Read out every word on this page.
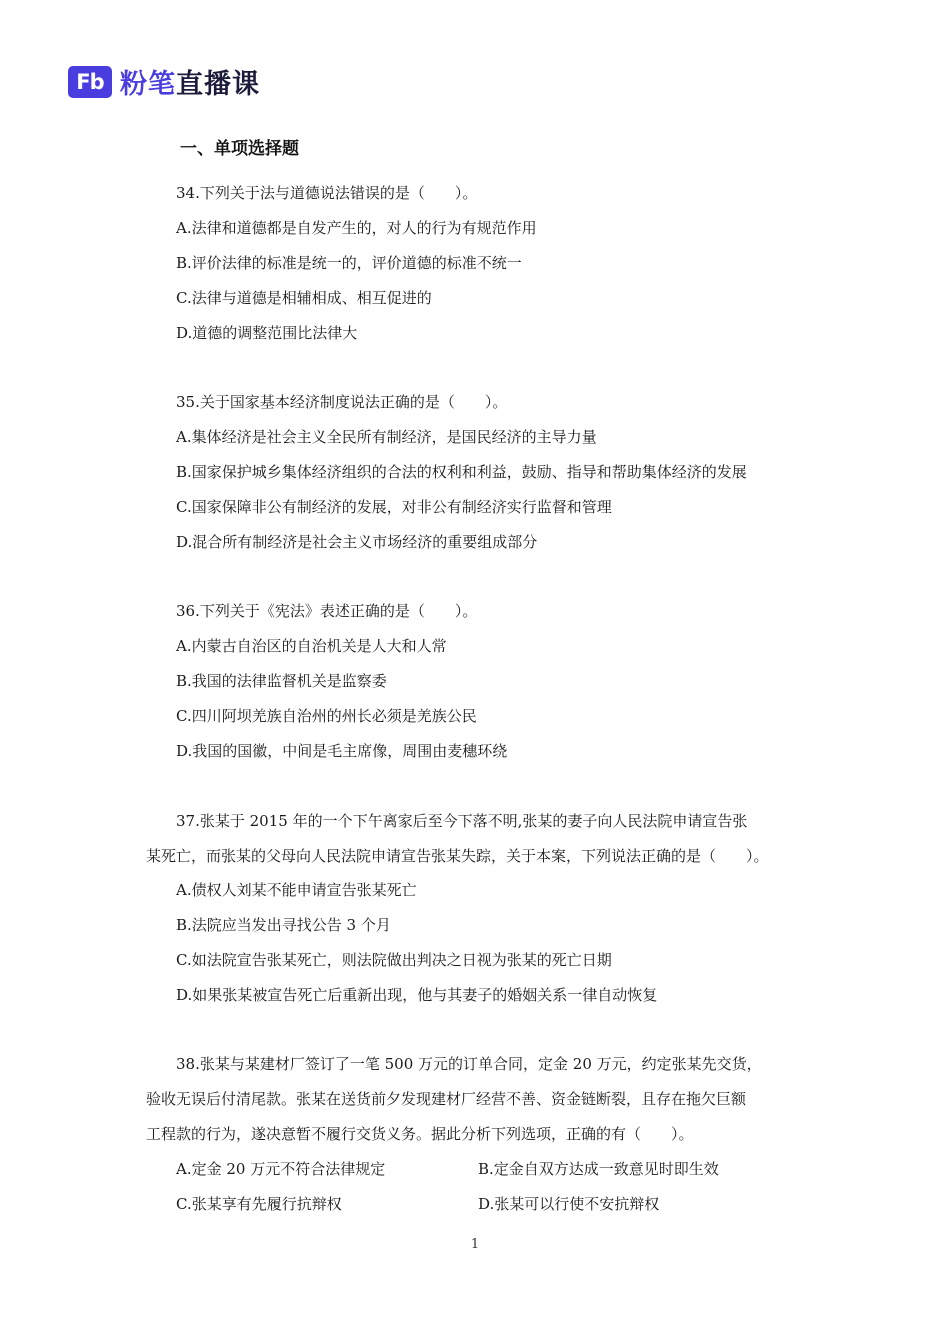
Fb 粉笔直播课
一、单项选择题
34.下列关于法与道德说法错误的是（　　）。
A.法律和道德都是自发产生的，对人的行为有规范作用
B.评价法律的标准是统一的，评价道德的标准不统一
C.法律与道德是相辅相成、相互促进的
D.道德的调整范围比法律大
35.关于国家基本经济制度说法正确的是（　　）。
A.集体经济是社会主义全民所有制经济，是国民经济的主导力量
B.国家保护城乡集体经济组织的合法的权利和利益，鼓励、指导和帮助集体经济的发展
C.国家保障非公有制经济的发展，对非公有制经济实行监督和管理
D.混合所有制经济是社会主义市场经济的重要组成部分
36.下列关于《宪法》表述正确的是（　　）。
A.内蒙古自治区的自治机关是人大和人常
B.我国的法律监督机关是监察委
C.四川阿坝羌族自治州的州长必须是羌族公民
D.我国的国徽，中间是毛主席像，周围由麦穗环绕
37.张某于 2015 年的一个下午离家后至今下落不明,张某的妻子向人民法院申请宣告张
某死亡，而张某的父母向人民法院申请宣告张某失踪，关于本案，下列说法正确的是（　　）。
A.债权人刘某不能申请宣告张某死亡
B.法院应当发出寻找公告 3 个月
C.如法院宣告张某死亡，则法院做出判决之日视为张某的死亡日期
D.如果张某被宣告死亡后重新出现，他与其妻子的婚姻关系一律自动恢复
38.张某与某建材厂签订了一笔 500 万元的订单合同，定金 20 万元，约定张某先交货，
验收无误后付清尾款。张某在送货前夕发现建材厂经营不善、资金链断裂，且存在拖欠巨额
工程款的行为，遂决意暂不履行交货义务。据此分析下列选项，正确的有（　　）。
A.定金 20 万元不符合法律规定	B.定金自双方达成一致意见时即生效
C.张某享有先履行抗辩权	D.张某可以行使不安抗辩权
1
